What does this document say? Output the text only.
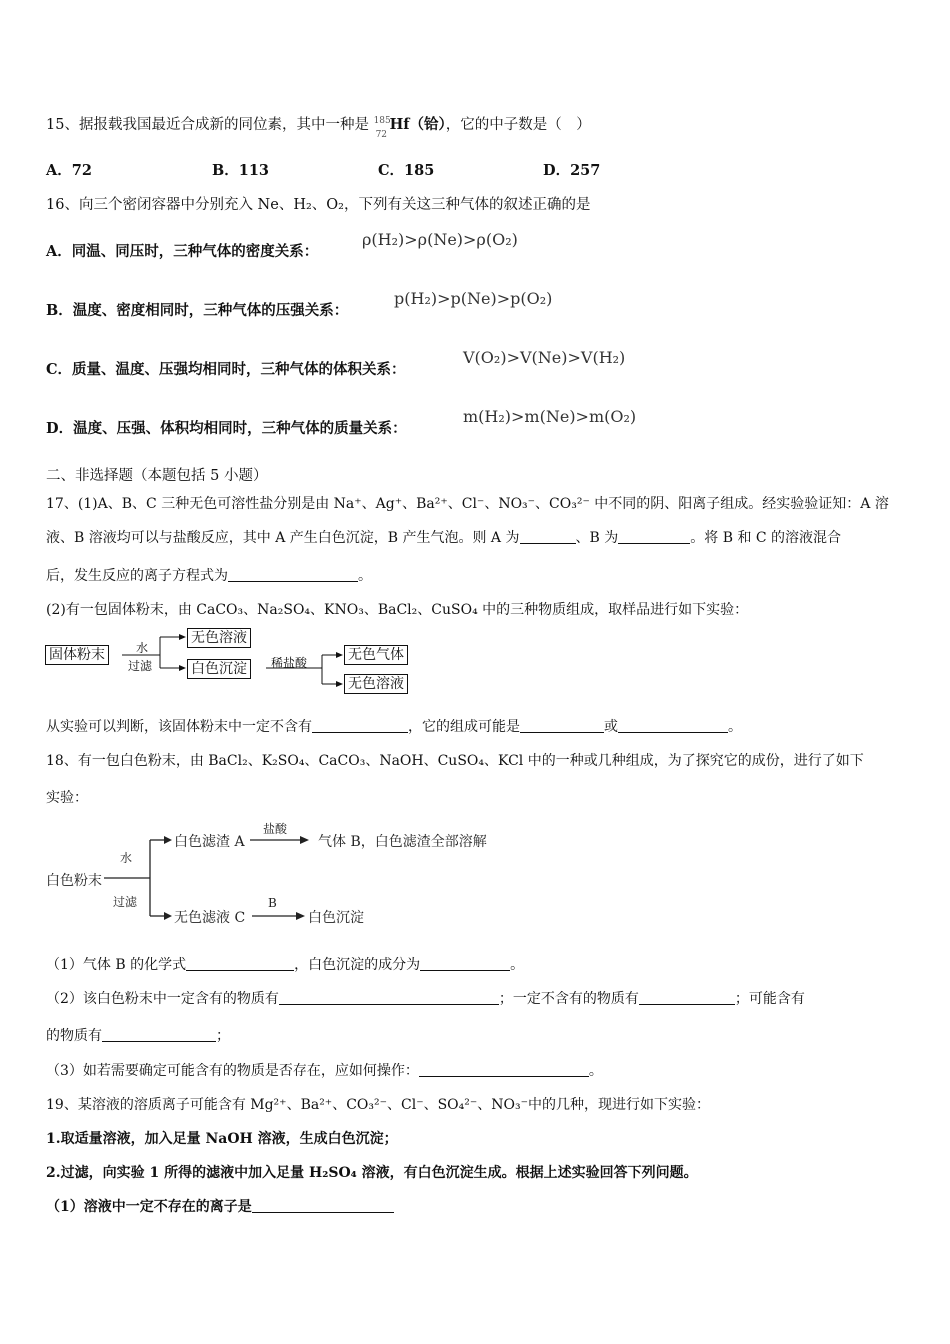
15、据报载我国最近合成新的同位素，其中一种是 185
72
Hf（铪），它的中子数是（　）
A．72	B．113	C．185	D．257
16、向三个密闭容器中分别充入 Ne、H₂、O₂，下列有关这三种气体的叙述正确的是
A．同温、同压时，三种气体的密度关系：
ρ(H₂)>ρ(Ne)>ρ(O₂)
B．温度、密度相同时，三种气体的压强关系：
p(H₂)>p(Ne)>p(O₂)
C．质量、温度、压强均相同时，三种气体的体积关系：
V(O₂)>V(Ne)>V(H₂)
D．温度、压强、体积均相同时，三种气体的质量关系：
m(H₂)>m(Ne)>m(O₂)
二、非选择题（本题包括 5 小题）
17、(1)A、B、C 三种无色可溶性盐分别是由 Na⁺、Ag⁺、Ba²⁺、Cl⁻、NO₃⁻、CO₃²⁻ 中不同的阴、阳离子组成。经实验验证知：A 溶
液、B 溶液均可以与盐酸反应，其中 A 产生白色沉淀，B 产生气泡。则 A 为	、B 为	。将 B 和 C 的溶液混合
后，发生反应的离子方程式为	。
(2)有一包固体粉末，由 CaCO₃、Na₂SO₄、KNO₃、BaCl₂、CuSO₄ 中的三种物质组成，取样品进行如下实验：
固体粉末	水
过滤
无色溶液
白色沉淀	稀盐酸	无色气体
无色溶液
从实验可以判断，该固体粉末中一定不含有	，它的组成可能是	或	。
18、有一包白色粉末，由 BaCl₂、K₂SO₄、CaCO₃、NaOH、CuSO₄、KCl 中的一种或几种组成，为了探究它的成份，进行了如下
实验：
白色粉末
水
过滤
白色滤渣 A
盐酸
气体 B，白色滤渣全部溶解
无色滤液 C
B
白色沉淀
（1）气体 B 的化学式	，白色沉淀的成分为	。
（2）该白色粉末中一定含有的物质有	；一定不含有的物质有	；可能含有
的物质有	；
（3）如若需要确定可能含有的物质是否存在，应如何操作：	。
19、某溶液的溶质离子可能含有 Mg²⁺、Ba²⁺、CO₃²⁻、Cl⁻、SO₄²⁻、NO₃⁻中的几种，现进行如下实验：
1.取适量溶液，加入足量 NaOH 溶液，生成白色沉淀；
2.过滤，向实验 1 所得的滤液中加入足量 H₂SO₄ 溶液，有白色沉淀生成。根据上述实验回答下列问题。
（1）溶液中一定不存在的离子是
